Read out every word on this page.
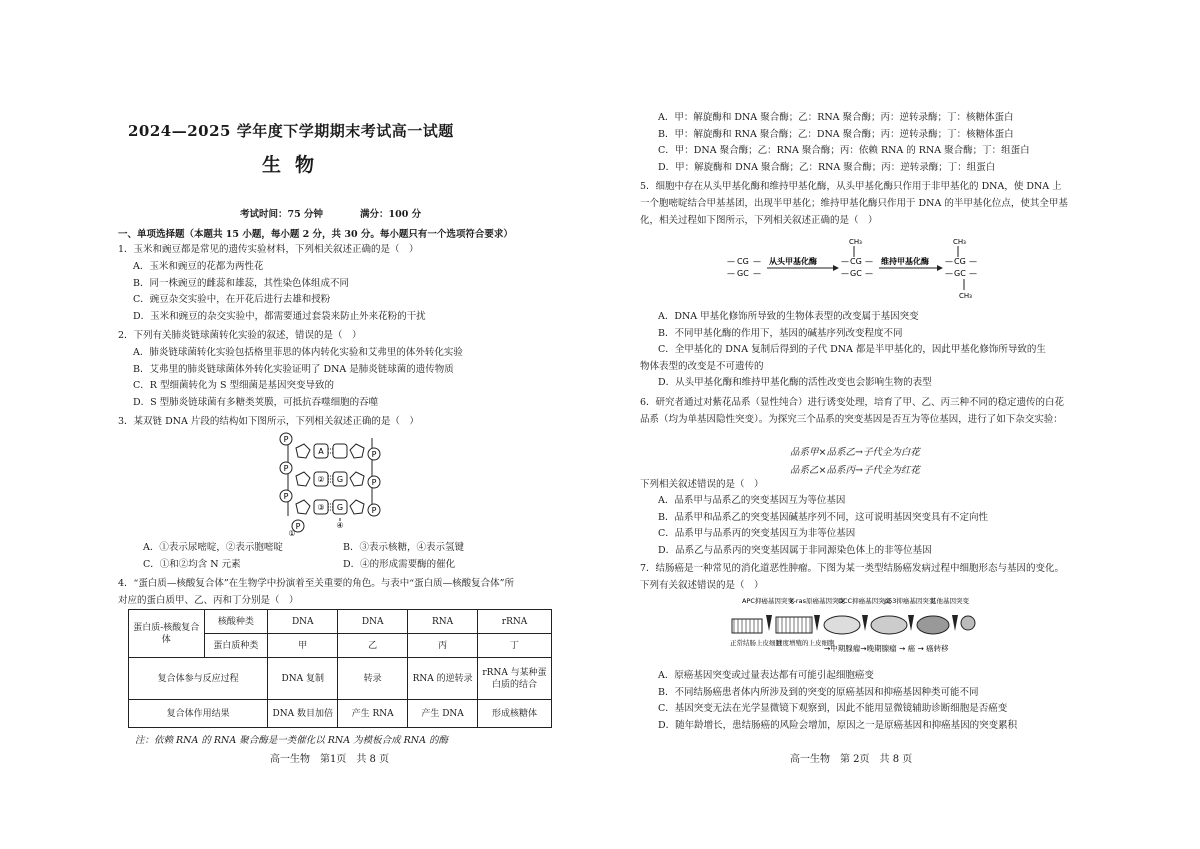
2024—2025 学年度下学期期末考试高一试题
生物
考试时间：75 分钟	满分：100 分
一、单项选择题（本题共 15 小题，每小题 2 分，共 30 分。每小题只有一个选项符合要求）
1．玉米和豌豆都是常见的遗传实验材料，下列相关叙述正确的是（　）
A．玉米和豌豆的花都为两性花
B．同一株豌豆的雌蕊和雄蕊，其性染色体组成不同
C．豌豆杂交实验中，在开花后进行去雄和授粉
D．玉米和豌豆的杂交实验中，都需要通过套袋来防止外来花粉的干扰
2．下列有关肺炎链球菌转化实验的叙述，错误的是（　）
A．肺炎链球菌转化实验包括格里菲思的体内转化实验和艾弗里的体外转化实验
B．艾弗里的肺炎链球菌体外转化实验证明了 DNA 是肺炎链球菌的遗传物质
C．R 型细菌转化为 S 型细菌是基因突变导致的
D．S 型肺炎链球菌有多糖类荚膜，可抵抗吞噬细胞的吞噬
3．某双链 DNA 片段的结构如下图所示，下列相关叙述正确的是（　）
P
P
P
P
P
P
P
A
② G
③ G
①
④
A．①表示尿嘧啶，②表示胞嘧啶	B．③表示核糖，④表示氢键
C．①和②均含 N 元素	D．④的形成需要酶的催化
4．“蛋白质—核酸复合体”在生物学中扮演着至关重要的角色。与表中“蛋白质—核酸复合体”所
对应的蛋白质甲、乙、丙和丁分别是（　）
蛋白质-核酸复合体	核酸种类	DNA	DNA	RNA	rRNA
	蛋白质种类	甲	乙	丙	丁
复合体参与反应过程		DNA 复制	转录	RNA 的逆转录	rRNA 与某种蛋白质的结合
复合体作用结果		DNA 数目加倍	产生 RNA	产生 DNA	形成核糖体
注：依赖 RNA 的 RNA 聚合酶是一类催化以 RNA 为模板合成 RNA 的酶
高一生物　第1页　共 8 页
A．甲：解旋酶和 DNA 聚合酶；乙：RNA 聚合酶；丙：逆转录酶；丁：核糖体蛋白
B．甲：解旋酶和 RNA 聚合酶；乙：DNA 聚合酶；丙：逆转录酶；丁：核糖体蛋白
C．甲：DNA 聚合酶；乙：RNA 聚合酶；丙：依赖 RNA 的 RNA 聚合酶；丁：组蛋白
D．甲：解旋酶和 DNA 聚合酶；乙：RNA 聚合酶；丙：逆转录酶；丁：组蛋白
5．细胞中存在从头甲基化酶和维持甲基化酶，从头甲基化酶只作用于非甲基化的 DNA，使 DNA 上一个胞嘧啶结合甲基基团，出现半甲基化；维持甲基化酶只作用于 DNA 的半甲基化位点，使其全甲基化，相关过程如下图所示，下列相关叙述正确的是（　）
— CG —
— GC —
从头甲基化酶	— CG —
— GC —
CH₃
维持甲基化酶 — CG —
— GC —
CH₃
CH₃
A．DNA 甲基化修饰所导致的生物体表型的改变属于基因突变
B．不同甲基化酶的作用下，基因的碱基序列改变程度不同
C．全甲基化的 DNA 复制后得到的子代 DNA 都是半甲基化的，因此甲基化修饰所导致的生
物体表型的改变是不可遗传的
D．从头甲基化酶和维持甲基化酶的活性改变也会影响生物的表型
6．研究者通过对紫花品系（显性纯合）进行诱变处理，培育了甲、乙、丙三种不同的稳定遗传的白花品系（均为单基因隐性突变）。为探究三个品系的突变基因是否互为等位基因，进行了如下杂交实验：
品系甲×品系乙→子代全为白花
品系乙×品系丙→子代全为红花
下列相关叙述错误的是（　）
A．品系甲与品系乙的突变基因互为等位基因
B．品系甲和品系乙的突变基因碱基序列不同，这可说明基因突变具有不定向性
C．品系甲与品系丙的突变基因互为非等位基因
D．品系乙与品系丙的突变基因属于非同源染色体上的非等位基因
7．结肠癌是一种常见的消化道恶性肿瘤。下图为某一类型结肠癌发病过程中细胞形态与基因的变化。下列有关叙述错误的是（　）
APC抑癌基因突变
K-ras原癌基因突变
DCC抑癌基因突变
p53抑癌基因突变
其他基因突变
正常结肠上皮细胞
过度增殖的上皮细胞
→中期腺瘤→晚期腺瘤 → 癌 → 癌转移
A．原癌基因突变或过量表达都有可能引起细胞癌变
B．不同结肠癌患者体内所涉及到的突变的原癌基因和抑癌基因种类可能不同
C．基因突变无法在光学显微镜下观察到，因此不能用显微镜辅助诊断细胞是否癌变
D．随年龄增长，患结肠癌的风险会增加，原因之一是原癌基因和抑癌基因的突变累积
高一生物　第 2页　共 8 页
